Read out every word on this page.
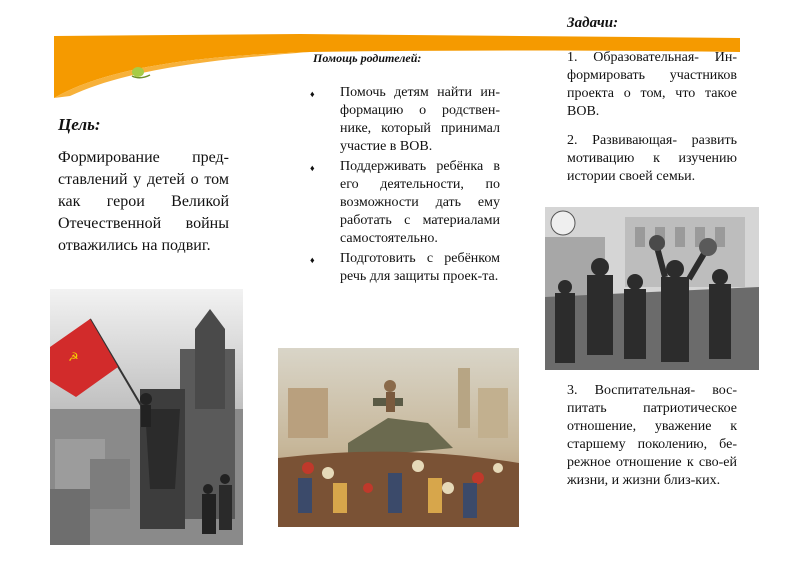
Цель:
Формирование пред-ставлений у детей о том как герои Великой Отечественной войны отважились на подвиг.
Помощь родителей:
♦ Помочь детям найти ин-формацию о родствен-нике, который принимал участие в ВОВ.
♦ Поддерживать ребёнка в его деятельности, по возможности дать ему работать с материалами самостоятельно.
♦ Подготовить с ребёнком речь для защиты проек-та.
Задачи:
1. Образовательная- Ин-формировать участников проекта о том, что такое ВОВ.
2. Развивающая- развить мотивацию к изучению истории своей семьи.
3. Воспитательная- вос-питать патриотическое отношение, уважение к старшему поколению, бе-режное отношение к сво-ей жизни, и жизни близ-ких.
☭
